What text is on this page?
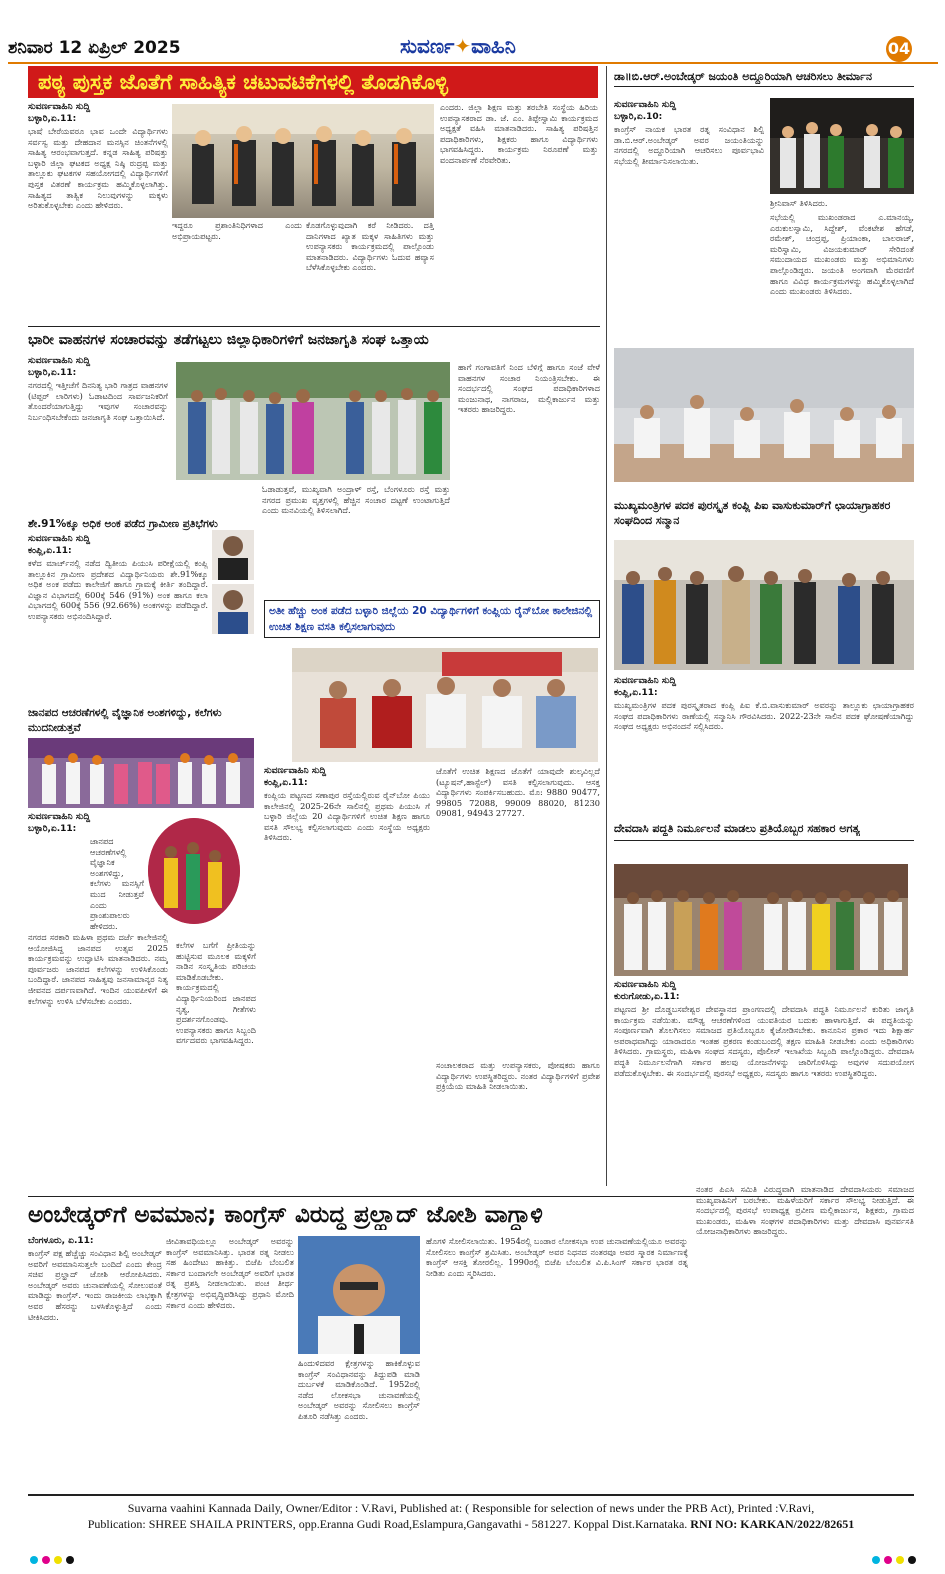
ಶನಿವಾರ 12 ಏಪ್ರಿಲ್ 2025	ಸುವರ್ಣ✦ವಾಹಿನಿ	04
ಪಠ್ಯ ಪುಸ್ತಕ ಜೊತೆಗೆ ಸಾಹಿತ್ಯಿಕ ಚಟುವಟಿಕೆಗಳಲ್ಲಿ ತೊಡಗಿಕೊಳ್ಳಿ
ಸುವರ್ಣವಾಹಿನಿ ಸುದ್ದಿ
ಬಳ್ಳಾರಿ,ಏ.11:
ಭಾಷೆ ಬೇರೆಯವರೂ ಭಾವ ಒಂದೇ ವಿದ್ಯಾರ್ಥಿಗಳು ಸರ್ವಸ್ವ ಮತ್ತು ದೇಹದಾನ ಮನಸ್ಸಿನ ಚಿಂತನೆಗಳಲ್ಲಿ ಸಾಹಿತ್ಯ ಆರಂಭವಾಗುತ್ತದೆ. ಕನ್ನಡ ಸಾಹಿತ್ಯ ಪರಿಷತ್ತು ಬಳ್ಳಾರಿ ಜಿಲ್ಲಾ ಘಟಕದ ಅಧ್ಯಕ್ಷ ನಿಷ್ಠಿ ರುದ್ರಪ್ಪ ಮತ್ತು ತಾಲ್ಲೂಕು ಘಟಕಗಳ ಸಹಯೋಗದಲ್ಲಿ ವಿದ್ಯಾರ್ಥಿಗಳಿಗೆ ಪುಸ್ತಕ ವಿತರಣೆ ಕಾರ್ಯಕ್ರಮ ಹಮ್ಮಿಕೊಳ್ಳಲಾಗಿತ್ತು. ಸಾಹಿತ್ಯದ ತಾತ್ವಿಕ ನಿಲುವುಗಳನ್ನು ಮಕ್ಕಳು ಅರಿತುಕೊಳ್ಳಬೇಕು ಎಂದು ಹೇಳಿದರು.
ಇದ್ದರೂ ಪ್ರಶಾಂತಿನಿಧಿಗಳಾದ ಎಂದು ಅಭಿಪ್ರಾಯಪಟ್ಟರು.
ಕೊಡಗೊಳ್ಳುವುದಾಗಿ ಕರೆ ನೀಡಿದರು. ದತ್ತಿ ದಾನಿಗಳಾದ ಖ್ಯಾತ ಮಕ್ಕಳ ಸಾಹಿತಿಗಳು ಮತ್ತು ಉಪನ್ಯಾಸಕರು ಕಾರ್ಯಕ್ರಮದಲ್ಲಿ ಪಾಲ್ಗೊಂಡು ಮಾತನಾಡಿದರು. ವಿದ್ಯಾರ್ಥಿಗಳು ಓದುವ ಹವ್ಯಾಸ ಬೆಳೆಸಿಕೊಳ್ಳಬೇಕು ಎಂದರು.
ಎಂದರು. ಜಿಲ್ಲಾ ಶಿಕ್ಷಣ ಮತ್ತು ತರಬೇತಿ ಸಂಸ್ಥೆಯ ಹಿರಿಯ ಉಪನ್ಯಾಸಕರಾದ ಡಾ. ಜೆ. ಎಂ. ತಿಪ್ಪೇಸ್ವಾಮಿ ಕಾರ್ಯಕ್ರಮದ ಅಧ್ಯಕ್ಷತೆ ವಹಿಸಿ ಮಾತನಾಡಿದರು. ಸಾಹಿತ್ಯ ಪರಿಷತ್ತಿನ ಪದಾಧಿಕಾರಿಗಳು, ಶಿಕ್ಷಕರು ಹಾಗೂ ವಿದ್ಯಾರ್ಥಿಗಳು ಭಾಗವಹಿಸಿದ್ದರು. ಕಾರ್ಯಕ್ರಮ ನಿರೂಪಣೆ ಮತ್ತು ವಂದನಾರ್ಪಣೆ ನೆರವೇರಿತು.
ಡಾ॥ಬಿ.ಆರ್.ಅಂಬೇಡ್ಕರ್ ಜಯಂತಿ ಅದ್ದೂರಿಯಾಗಿ ಆಚರಿಸಲು ತೀರ್ಮಾನ
ಸುವರ್ಣವಾಹಿನಿ ಸುದ್ದಿ
ಬಳ್ಳಾರಿ,ಏ.10:
ಕಾಂಗ್ರೆಸ್ ನಾಯಕ ಭಾರತ ರತ್ನ ಸಂವಿಧಾನ ಶಿಲ್ಪಿ ಡಾ.ಬಿ.ಆರ್.ಅಂಬೇಡ್ಕರ್ ಅವರ ಜಯಂತಿಯನ್ನು ನಗರದಲ್ಲಿ ಅದ್ದೂರಿಯಾಗಿ ಆಚರಿಸಲು ಪೂರ್ವಭಾವಿ ಸಭೆಯಲ್ಲಿ ತೀರ್ಮಾನಿಸಲಾಯಿತು.
ಶ್ರೀನಿವಾಸ್ ತಿಳಿಸಿದರು.
ಸಭೆಯಲ್ಲಿ ಮುಖಂಡರಾದ ಎ.ಮಾನಯ್ಯ, ಎರುಕುಲಸ್ವಾಮಿ, ಸಿದ್ದೇಶ್, ವೆಂಕಟೇಶ ಹೆಗಡೆ, ರಮೇಶ್, ಚಂದ್ರಪ್ಪ, ಪ್ರಿಯಾಂಕಾ, ಬಾಲರಾಜ್, ಮರಿಸ್ವಾಮಿ, ವಿಜಯಕುಮಾರ್ ಸೇರಿದಂತೆ ಸಮುದಾಯದ ಮುಖಂಡರು ಮತ್ತು ಅಭಿಮಾನಿಗಳು ಪಾಲ್ಗೊಂಡಿದ್ದರು. ಜಯಂತಿ ಅಂಗವಾಗಿ ಮೆರವಣಿಗೆ ಹಾಗೂ ವಿವಿಧ ಕಾರ್ಯಕ್ರಮಗಳನ್ನು ಹಮ್ಮಿಕೊಳ್ಳಲಾಗಿದೆ ಎಂದು ಮುಖಂಡರು ತಿಳಿಸಿದರು.
ಭಾರೀ ವಾಹನಗಳ ಸಂಚಾರವನ್ನು ತಡೆಗಟ್ಟಲು ಜಿಲ್ಲಾಧಿಕಾರಿಗಳಿಗೆ ಜನಜಾಗೃತಿ ಸಂಘ ಒತ್ತಾಯ
ಸುವರ್ಣವಾಹಿನಿ ಸುದ್ದಿ
ಬಳ್ಳಾರಿ,ಏ.11:
ನಗರದಲ್ಲಿ ಇತ್ತೀಚೆಗೆ ದಿನನಿತ್ಯ ಭಾರಿ ಗಾತ್ರದ ವಾಹನಗಳ (ಟಿಪ್ಪರ್ ಲಾರಿಗಳು) ಓಡಾಟದಿಂದ ಸಾರ್ವಜನಿಕರಿಗೆ ತೊಂದರೆಯಾಗುತ್ತಿದ್ದು ಇವುಗಳ ಸಂಚಾರವನ್ನು ನಿರ್ಬಂಧಿಸಬೇಕೆಂದು ಜನಜಾಗೃತಿ ಸಂಘ ಒತ್ತಾಯಿಸಿದೆ.
ಓಡಾಡುತ್ತವೆ, ಮುಖ್ಯವಾಗಿ ಅಂದ್ರಾಳ್ ರಸ್ತೆ, ಬೆಂಗಳೂರು ರಸ್ತೆ ಮತ್ತು ನಗರದ ಪ್ರಮುಖ ವೃತ್ತಗಳಲ್ಲಿ ಹೆಚ್ಚಿನ ಸಂಚಾರ ದಟ್ಟಣೆ ಉಂಟಾಗುತ್ತಿದೆ ಎಂದು ಮನವಿಯಲ್ಲಿ ತಿಳಿಸಲಾಗಿದೆ.
ಹಾಗೆ ಗಂಗಾವತಿಗೆ ನಿಂದ ಬೆಳಿಗ್ಗೆ ಹಾಗೂ ಸಂಜೆ ವೇಳೆ ವಾಹನಗಳ ಸಂಚಾರ ನಿಯಂತ್ರಿಸಬೇಕು. ಈ ಸಂದರ್ಭದಲ್ಲಿ ಸಂಘದ ಪದಾಧಿಕಾರಿಗಳಾದ ಮಂಜುನಾಥ, ನಾಗರಾಜ, ಮಲ್ಲಿಕಾರ್ಜುನ ಮತ್ತು ಇತರರು ಹಾಜರಿದ್ದರು.
ಶೇ.91%ಕ್ಕೂ ಅಧಿಕ ಅಂಕ ಪಡೆದ ಗ್ರಾಮೀಣ ಪ್ರತಿಭೆಗಳು
ಸುವರ್ಣವಾಹಿನಿ ಸುದ್ದಿ
ಕಂಪ್ಲಿ,ಏ.11:
ಕಳೆದ ಮಾರ್ಚ್‌ನಲ್ಲಿ ನಡೆದ ದ್ವಿತೀಯ ಪಿಯುಸಿ ಪರೀಕ್ಷೆಯಲ್ಲಿ ಕಂಪ್ಲಿ ತಾಲ್ಲೂಕಿನ ಗ್ರಾಮೀಣ ಪ್ರದೇಶದ ವಿದ್ಯಾರ್ಥಿನಿಯರು ಶೇ.91%ಕ್ಕೂ ಅಧಿಕ ಅಂಕ ಪಡೆದು ಕಾಲೇಜಿಗೆ ಹಾಗೂ ಗ್ರಾಮಕ್ಕೆ ಕೀರ್ತಿ ತಂದಿದ್ದಾರೆ. ವಿಜ್ಞಾನ ವಿಭಾಗದಲ್ಲಿ 600ಕ್ಕೆ 546 (91%) ಅಂಕ ಹಾಗೂ ಕಲಾ ವಿಭಾಗದಲ್ಲಿ 600ಕ್ಕೆ 556 (92.66%) ಅಂಕಗಳನ್ನು ಪಡೆದಿದ್ದಾರೆ. ಉಪನ್ಯಾಸಕರು ಅಭಿನಂದಿಸಿದ್ದಾರೆ.	ಅತೀ ಹೆಚ್ಚು ಅಂಕ ಪಡೆದ ಬಳ್ಳಾರಿ ಜಿಲ್ಲೆಯ 20 ವಿದ್ಯಾರ್ಥಿಗಳಿಗೆ ಕಂಪ್ಲಿಯ ರೈನ್‌ಬೋ ಕಾಲೇಜಿನಲ್ಲಿ ಉಚಿತ ಶಿಕ್ಷಣ ವಸತಿ ಕಲ್ಪಿಸಲಾಗುವುದು
ಸುವರ್ಣವಾಹಿನಿ ಸುದ್ದಿ
ಕಂಪ್ಲಿ,ಏ.11:
ಕಂಪ್ಲಿಯ ಪಟ್ಟಣದ ಸಣಾಪುರ ರಸ್ತೆಯಲ್ಲಿರುವ ರೈನ್‌ಬೋ ಪಿಯು ಕಾಲೇಜಿನಲ್ಲಿ 2025-26ನೇ ಸಾಲಿನಲ್ಲಿ ಪ್ರಥಮ ಪಿಯುಸಿ ಗೆ ಬಳ್ಳಾರಿ ಜಿಲ್ಲೆಯ 20 ವಿದ್ಯಾರ್ಥಿಗಳಿಗೆ ಉಚಿತ ಶಿಕ್ಷಣ ಹಾಗೂ ವಸತಿ ಸೌಲಭ್ಯ ಕಲ್ಪಿಸಲಾಗುವುದು ಎಂದು ಸಂಸ್ಥೆಯ ಅಧ್ಯಕ್ಷರು ತಿಳಿಸಿದರು.
ಜೊತೆಗೆ ಉಚಿತ ಶಿಕ್ಷಣದ ಜೊತೆಗೆ ಯಾವುದೇ ಶುಲ್ಕವಿಲ್ಲದೆ (ಟ್ಯೂಷನ್,ಹಾಸ್ಟೆಲ್) ವಸತಿ ಕಲ್ಪಿಸಲಾಗುವುದು. ಆಸಕ್ತ ವಿದ್ಯಾರ್ಥಿಗಳು ಸಂಪರ್ಕಿಸಬಹುದು. ಮೊ: 9880 90477, 99805 72088, 99009 88020, 81230 09081, 94943 27727.
ಸಂಚಾಲಕರಾದ ಮತ್ತು ಉಪನ್ಯಾಸಕರು, ಪೋಷಕರು ಹಾಗೂ ವಿದ್ಯಾರ್ಥಿಗಳು ಉಪಸ್ಥಿತರಿದ್ದರು. ನಂತರ ವಿದ್ಯಾರ್ಥಿಗಳಿಗೆ ಪ್ರವೇಶ ಪ್ರಕ್ರಿಯೆಯ ಮಾಹಿತಿ ನೀಡಲಾಯಿತು.
ಮುಖ್ಯಮಂತ್ರಿಗಳ ಪದಕ ಪುರಸ್ಕೃತ ಕಂಪ್ಲಿ ಪಿಐ ವಾಸುಕುಮಾರ್‌ಗೆ ಛಾಯಾಗ್ರಾಹಕರ ಸಂಘದಿಂದ ಸನ್ಮಾನ
ಸುವರ್ಣವಾಹಿನಿ ಸುದ್ದಿ
ಕಂಪ್ಲಿ,ಏ.11:
ಮುಖ್ಯಮಂತ್ರಿಗಳ ಪದಕ ಪುರಸ್ಕೃತರಾದ ಕಂಪ್ಲಿ ಪಿಐ ಕೆ.ಬಿ.ವಾಸುಕುಮಾರ್ ಅವರನ್ನು ತಾಲ್ಲೂಕು ಛಾಯಾಗ್ರಾಹಕರ ಸಂಘದ ಪದಾಧಿಕಾರಿಗಳು ಠಾಣೆಯಲ್ಲಿ ಸನ್ಮಾನಿಸಿ ಗೌರವಿಸಿದರು. 2022-23ನೇ ಸಾಲಿನ ಪದಕ ಘೋಷಣೆಯಾಗಿದ್ದು ಸಂಘದ ಅಧ್ಯಕ್ಷರು ಅಭಿನಂದನೆ ಸಲ್ಲಿಸಿದರು.
ಜಾನಪದ ಆಚರಣೆಗಳಲ್ಲಿ ವೈಜ್ಞಾನಿಕ ಅಂಶಗಳಿದ್ದು, ಕಲೆಗಳು ಮುದನೀಡುತ್ತವೆ
ಸುವರ್ಣವಾಹಿನಿ ಸುದ್ದಿ
ಬಳ್ಳಾರಿ,ಏ.11:
ಜಾನಪದ ಆಚರಣೆಗಳಲ್ಲಿ ವೈಜ್ಞಾನಿಕ ಅಂಶಗಳಿದ್ದು, ಕಲೆಗಳು ಮನಸ್ಸಿಗೆ ಮುದ ನೀಡುತ್ತವೆ ಎಂದು ಪ್ರಾಂಶುಪಾಲರು ಹೇಳಿದರು.
ನಗರದ ಸರಕಾರಿ ಮಹಿಳಾ ಪ್ರಥಮ ದರ್ಜೆ ಕಾಲೇಜಿನಲ್ಲಿ ಆಯೋಜಿಸಿದ್ದ ಜಾನಪದ ಉತ್ಸವ 2025 ಕಾರ್ಯಕ್ರಮವನ್ನು ಉದ್ಘಾಟಿಸಿ ಮಾತನಾಡಿದರು. ನಮ್ಮ ಪೂರ್ವಜರು ಜಾನಪದ ಕಲೆಗಳನ್ನು ಉಳಿಸಿಕೊಂಡು ಬಂದಿದ್ದಾರೆ. ಜಾನಪದ ಸಾಹಿತ್ಯವು ಜನಸಾಮಾನ್ಯರ ನಿತ್ಯ ಜೀವನದ ದರ್ಪಣವಾಗಿದೆ. ಇಂದಿನ ಯುವಪೀಳಿಗೆ ಈ ಕಲೆಗಳನ್ನು ಉಳಿಸಿ ಬೆಳೆಸಬೇಕು ಎಂದರು.
ಕಲೆಗಳ ಬಗೆಗೆ ಪ್ರೀತಿಯನ್ನು ಹುಟ್ಟಿಸುವ ಮೂಲಕ ಮಕ್ಕಳಿಗೆ ನಾಡಿನ ಸಂಸ್ಕೃತಿಯ ಪರಿಚಯ ಮಾಡಿಕೊಡಬೇಕು. ಕಾರ್ಯಕ್ರಮದಲ್ಲಿ ವಿದ್ಯಾರ್ಥಿನಿಯರಿಂದ ಜಾನಪದ ನೃತ್ಯ, ಗೀತೆಗಳು ಪ್ರದರ್ಶನಗೊಂಡವು. ಉಪನ್ಯಾಸಕರು ಹಾಗೂ ಸಿಬ್ಬಂದಿ ವರ್ಗದವರು ಭಾಗವಹಿಸಿದ್ದರು.
ದೇವದಾಸಿ ಪದ್ಧತಿ ನಿರ್ಮೂಲನೆ ಮಾಡಲು ಪ್ರತಿಯೊಬ್ಬರ ಸಹಕಾರ ಅಗತ್ಯ
ಸುವರ್ಣವಾಹಿನಿ ಸುದ್ದಿ
ಕುರುಗೋಡು,ಏ.11:
ಪಟ್ಟಣದ ಶ್ರೀ ದೊಡ್ಡಬಸವೇಶ್ವರ ದೇವಸ್ಥಾನದ ಪ್ರಾಂಗಣದಲ್ಲಿ ದೇವದಾಸಿ ಪದ್ಧತಿ ನಿರ್ಮೂಲನೆ ಕುರಿತು ಜಾಗೃತಿ ಕಾರ್ಯಕ್ರಮ ನಡೆಯಿತು. ಮೌಢ್ಯ ಆಚರಣೆಗಳಿಂದ ಯುವತಿಯರ ಬದುಕು ಹಾಳಾಗುತ್ತಿದೆ. ಈ ಪದ್ಧತಿಯನ್ನು ಸಂಪೂರ್ಣವಾಗಿ ತೊಲಗಿಸಲು ಸಮಾಜದ ಪ್ರತಿಯೊಬ್ಬರೂ ಕೈಜೋಡಿಸಬೇಕು. ಕಾನೂನಿನ ಪ್ರಕಾರ ಇದು ಶಿಕ್ಷಾರ್ಹ ಅಪರಾಧವಾಗಿದ್ದು ಯಾರಾದರೂ ಇಂತಹ ಪ್ರಕರಣ ಕಂಡುಬಂದಲ್ಲಿ ತಕ್ಷಣ ಮಾಹಿತಿ ನೀಡಬೇಕು ಎಂದು ಅಧಿಕಾರಿಗಳು ತಿಳಿಸಿದರು. ಗ್ರಾಮಸ್ಥರು, ಮಹಿಳಾ ಸಂಘದ ಸದಸ್ಯರು, ಪೊಲೀಸ್ ಇಲಾಖೆಯ ಸಿಬ್ಬಂದಿ ಪಾಲ್ಗೊಂಡಿದ್ದರು. ದೇವದಾಸಿ ಪದ್ಧತಿ ನಿರ್ಮೂಲನೆಗಾಗಿ ಸರ್ಕಾರ ಹಲವು ಯೋಜನೆಗಳನ್ನು ಜಾರಿಗೊಳಿಸಿದ್ದು ಅವುಗಳ ಸದುಪಯೋಗ ಪಡೆದುಕೊಳ್ಳಬೇಕು. ಈ ಸಂದರ್ಭದಲ್ಲಿ ಪುರಸಭೆ ಅಧ್ಯಕ್ಷರು, ಸದಸ್ಯರು ಹಾಗೂ ಇತರರು ಉಪಸ್ಥಿತರಿದ್ದರು.
ಅಂಬೇಡ್ಕರ್‌ಗೆ ಅವಮಾನ; ಕಾಂಗ್ರೆಸ್ ವಿರುದ್ಧ ಪ್ರಲ್ಹಾದ್ ಜೋಶಿ ವಾಗ್ದಾಳಿ
ಬೆಂಗಳೂರು, ಏ.11:
ಕಾಂಗ್ರೆಸ್ ಪಕ್ಷ ಹೆಚ್ಚೆಚ್ಚು ಸಂವಿಧಾನ ಶಿಲ್ಪಿ ಅಂಬೇಡ್ಕರ್ ಅವರಿಗೆ ಅವಮಾನಿಸುತ್ತಲೇ ಬಂದಿದೆ ಎಂದು ಕೇಂದ್ರ ಸಚಿವ ಪ್ರಲ್ಹಾದ್ ಜೋಶಿ ಆರೋಪಿಸಿದರು. ಅಂಬೇಡ್ಕರ್ ಅವರು ಚುನಾವಣೆಯಲ್ಲಿ ಸೋಲುವಂತೆ ಮಾಡಿದ್ದು ಕಾಂಗ್ರೆಸ್. ಇಂದು ರಾಜಕೀಯ ಲಾಭಕ್ಕಾಗಿ ಅವರ ಹೆಸರನ್ನು ಬಳಸಿಕೊಳ್ಳುತ್ತಿದೆ ಎಂದು ಟೀಕಿಸಿದರು.
ಜೀವಿತಾವಧಿಯಲ್ಲೂ ಅಂಬೇಡ್ಕರ್ ಅವರನ್ನು ಕಾಂಗ್ರೆಸ್ ಅವಮಾನಿಸಿತ್ತು. ಭಾರತ ರತ್ನ ನೀಡಲು ಸಹ ಹಿಂದೇಟು ಹಾಕಿತ್ತು. ಬಿಜೆಪಿ ಬೆಂಬಲಿತ ಸರ್ಕಾರ ಬಂದಾಗಲೇ ಅಂಬೇಡ್ಕರ್ ಅವರಿಗೆ ಭಾರತ ರತ್ನ ಪ್ರಶಸ್ತಿ ನೀಡಲಾಯಿತು. ಪಂಚ ತೀರ್ಥ ಕ್ಷೇತ್ರಗಳನ್ನು ಅಭಿವೃದ್ಧಿಪಡಿಸಿದ್ದು ಪ್ರಧಾನಿ ಮೋದಿ ಸರ್ಕಾರ ಎಂದು ಹೇಳಿದರು.
ಹಿಂದುಳಿದವರ ಕ್ಷೇತ್ರಗಳನ್ನು ಹಾಕಿಕೊಳ್ಳುವ ಕಾಂಗ್ರೆಸ್ ಸಂವಿಧಾನವನ್ನು ತಿದ್ದುಪಡಿ ಮಾಡಿ ದುರ್ಬಳಕೆ ಮಾಡಿಕೊಂಡಿದೆ. 1952ರಲ್ಲಿ ನಡೆದ ಲೋಕಸಭಾ ಚುನಾವಣೆಯಲ್ಲಿ ಅಂಬೇಡ್ಕರ್ ಅವರನ್ನು ಸೋಲಿಸಲು ಕಾಂಗ್ರೆಸ್ ಪಿತೂರಿ ನಡೆಸಿತ್ತು ಎಂದರು.
ಹೊಗಳಿ ಸೋಲಿಸಲಾಯಿತು. 1954ರಲ್ಲಿ ಬಂಡಾರ ಲೋಕಸಭಾ ಉಪ ಚುನಾವಣೆಯಲ್ಲಿಯೂ ಅವರನ್ನು ಸೋಲಿಸಲು ಕಾಂಗ್ರೆಸ್ ಶ್ರಮಿಸಿತು. ಅಂಬೇಡ್ಕರ್ ಅವರ ನಿಧನದ ನಂತರವೂ ಅವರ ಸ್ಮಾರಕ ನಿರ್ಮಾಣಕ್ಕೆ ಕಾಂಗ್ರೆಸ್ ಆಸಕ್ತಿ ತೋರಲಿಲ್ಲ. 1990ರಲ್ಲಿ ಬಿಜೆಪಿ ಬೆಂಬಲಿತ ವಿ.ಪಿ.ಸಿಂಗ್ ಸರ್ಕಾರ ಭಾರತ ರತ್ನ ನೀಡಿತು ಎಂದು ಸ್ಮರಿಸಿದರು.
ನಂತರ ಪಿಎಸಿ ಸಮಿತಿ ವಿರುದ್ಧವಾಗಿ ಮಾತನಾಡಿದ ದೇವದಾಸಿಯರು ಸಮಾಜದ ಮುಖ್ಯವಾಹಿನಿಗೆ ಬರಬೇಕು. ಮಹಿಳೆಯರಿಗೆ ಸರ್ಕಾರ ಸೌಲಭ್ಯ ನೀಡುತ್ತಿದೆ. ಈ ಸಂದರ್ಭದಲ್ಲಿ ಪುರಸಭೆ ಉಪಾಧ್ಯಕ್ಷ ಪ್ರವೀಣ ಮಲ್ಲಿಕಾರ್ಜುನ, ಶಿಕ್ಷಕರು, ಗ್ರಾಮದ ಮುಖಂಡರು, ಮಹಿಳಾ ಸಂಘಗಳ ಪದಾಧಿಕಾರಿಗಳು ಮತ್ತು ದೇವದಾಸಿ ಪುನರ್ವಸತಿ ಯೋಜನಾಧಿಕಾರಿಗಳು ಹಾಜರಿದ್ದರು.
Suvarna vaahini Kannada Daily, Owner/Editor : V.Ravi, Published at: ( Responsible for selection of news under the PRB Act), Printed :V.Ravi,
Publication: SHREE SHAILA PRINTERS, opp.Eranna Gudi Road,Eslampura,Gangavathi - 581227. Koppal Dist.Karnataka. RNI NO: KARKAN/2022/82651
